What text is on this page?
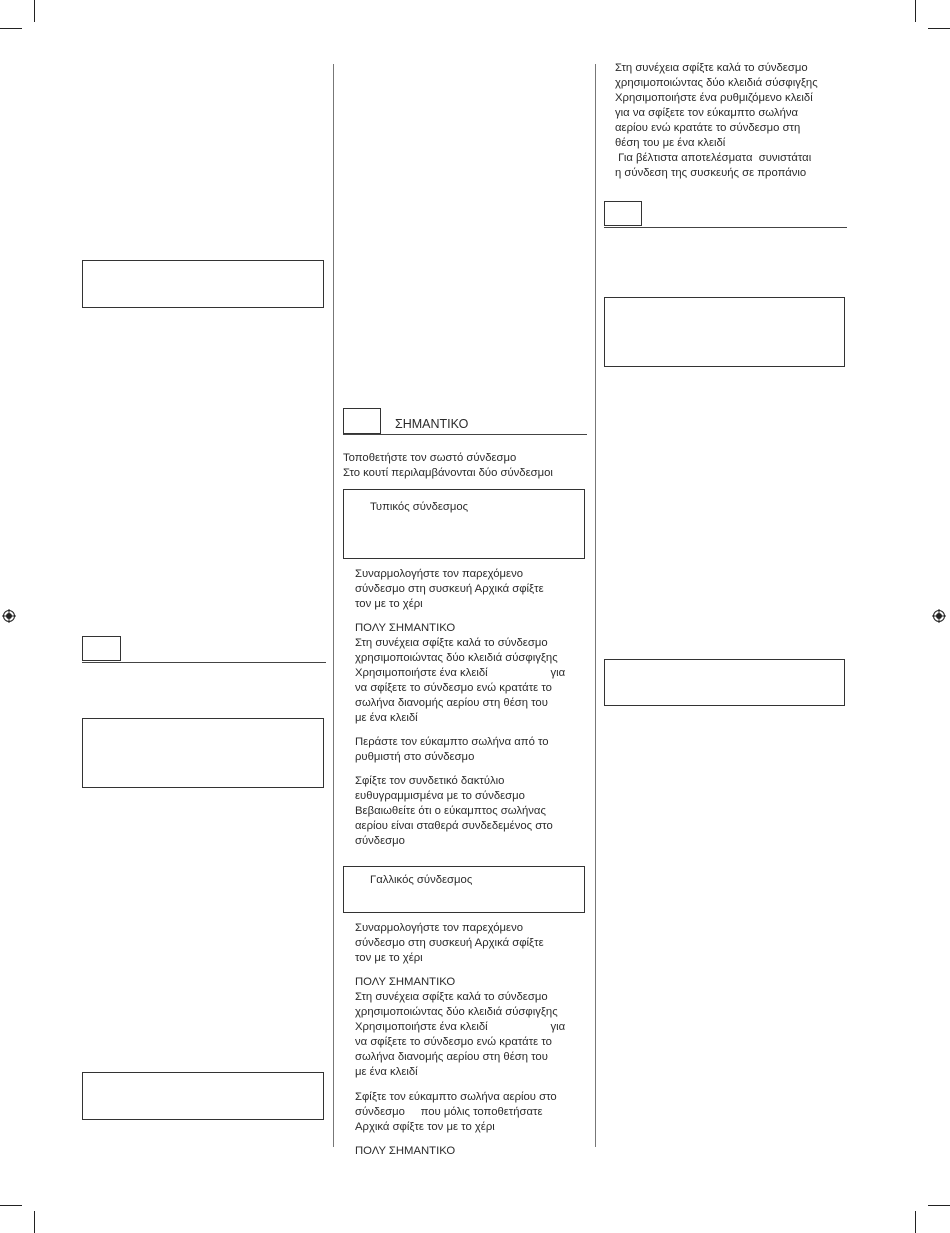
ΣΗΜΑΝΤΙΚΟ
Τοποθετήστε τον σωστό σύνδεσμο
Στο κουτί περιλαμβάνονται δύο σύνδεσμοι
Τυπικός σύνδεσμος
Συναρμολογήστε τον παρεχόμενο
σύνδεσμο στη συσκευή Αρχικά σφίξτε
τον με το χέρι
ΠΟΛΥ ΣΗΜΑΝΤΙΚΟ
Στη συνέχεια σφίξτε καλά το σύνδεσμο
χρησιμοποιώντας δύο κλειδιά σύσφιγξης
Χρησιμοποιήστε ένα κλειδί                    για
να σφίξετε το σύνδεσμο ενώ κρατάτε το
σωλήνα διανομής αερίου στη θέση του
με ένα κλειδί
Περάστε τον εύκαμπτο σωλήνα από το
ρυθμιστή στο σύνδεσμο
Σφίξτε τον συνδετικό δακτύλιο
ευθυγραμμισμένα με το σύνδεσμο
Βεβαιωθείτε ότι ο εύκαμπτος σωλήνας
αερίου είναι σταθερά συνδεδεμένος στο
σύνδεσμο
Γαλλικός σύνδεσμος
Συναρμολογήστε τον παρεχόμενο
σύνδεσμο στη συσκευή Αρχικά σφίξτε
τον με το χέρι
ΠΟΛΥ ΣΗΜΑΝΤΙΚΟ
Στη συνέχεια σφίξτε καλά το σύνδεσμο
χρησιμοποιώντας δύο κλειδιά σύσφιγξης
Χρησιμοποιήστε ένα κλειδί                    για
να σφίξετε το σύνδεσμο ενώ κρατάτε το
σωλήνα διανομής αερίου στη θέση του
με ένα κλειδί
Σφίξτε τον εύκαμπτο σωλήνα αερίου στο
σύνδεσμο     που μόλις τοποθετήσατε
Αρχικά σφίξτε τον με το χέρι
ΠΟΛΥ ΣΗΜΑΝΤΙΚΟ
Στη συνέχεια σφίξτε καλά το σύνδεσμο
χρησιμοποιώντας δύο κλειδιά σύσφιγξης
Χρησιμοποιήστε ένα ρυθμιζόμενο κλειδί
για να σφίξετε τον εύκαμπτο σωλήνα
αερίου ενώ κρατάτε το σύνδεσμο στη
θέση του με ένα κλειδί
Για βέλτιστα αποτελέσματα  συνιστάται
η σύνδεση της συσκευής σε προπάνιο
